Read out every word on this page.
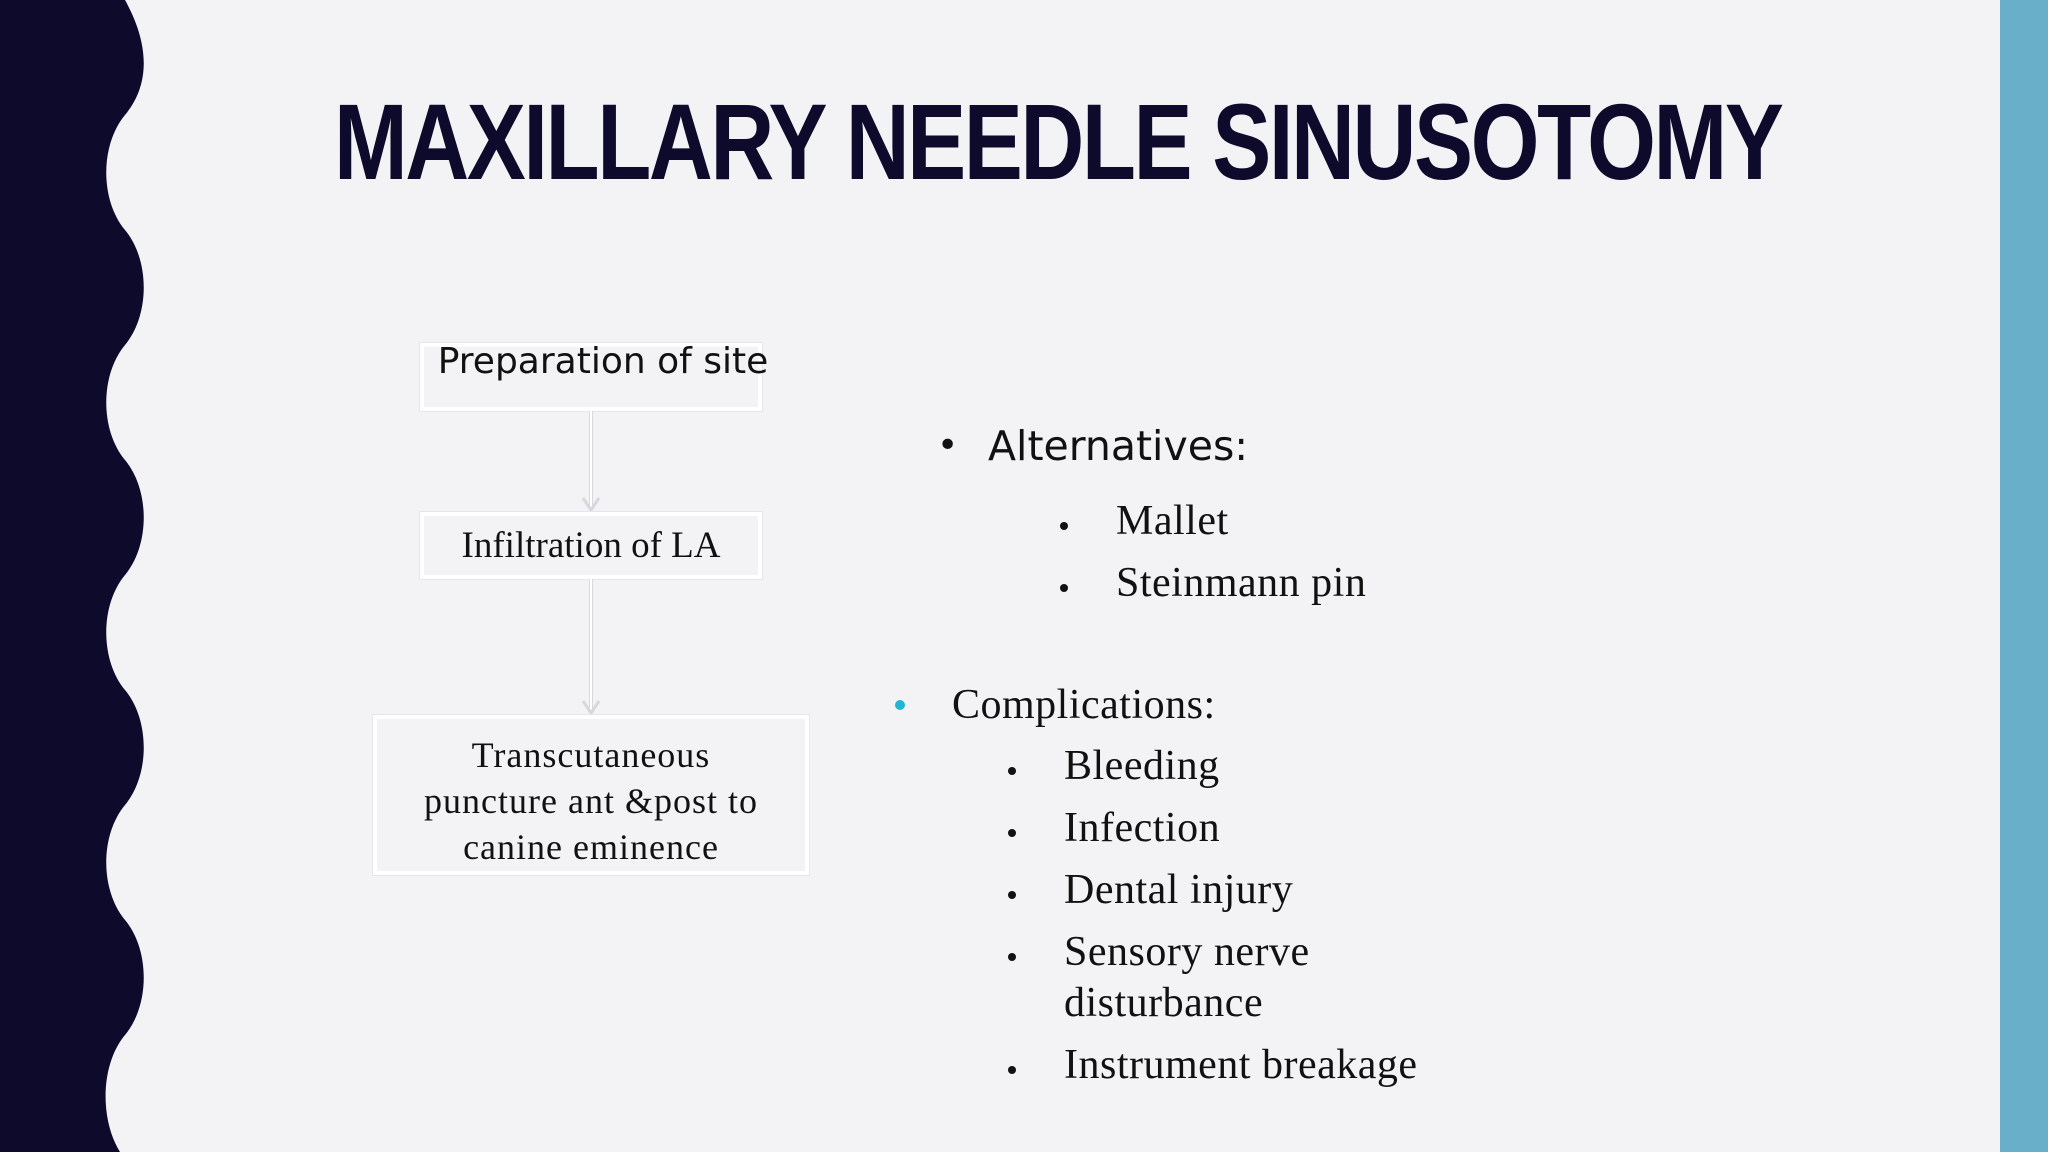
MAXILLARY NEEDLE SINUSOTOMY
Preparation of site
Infiltration of LA
Transcutaneous
puncture ant &post to
canine eminence
• Alternatives:
Mallet
Steinmann pin
Complications:
Bleeding
Infection
Dental injury
Sensory nerve
disturbance
Instrument breakage
